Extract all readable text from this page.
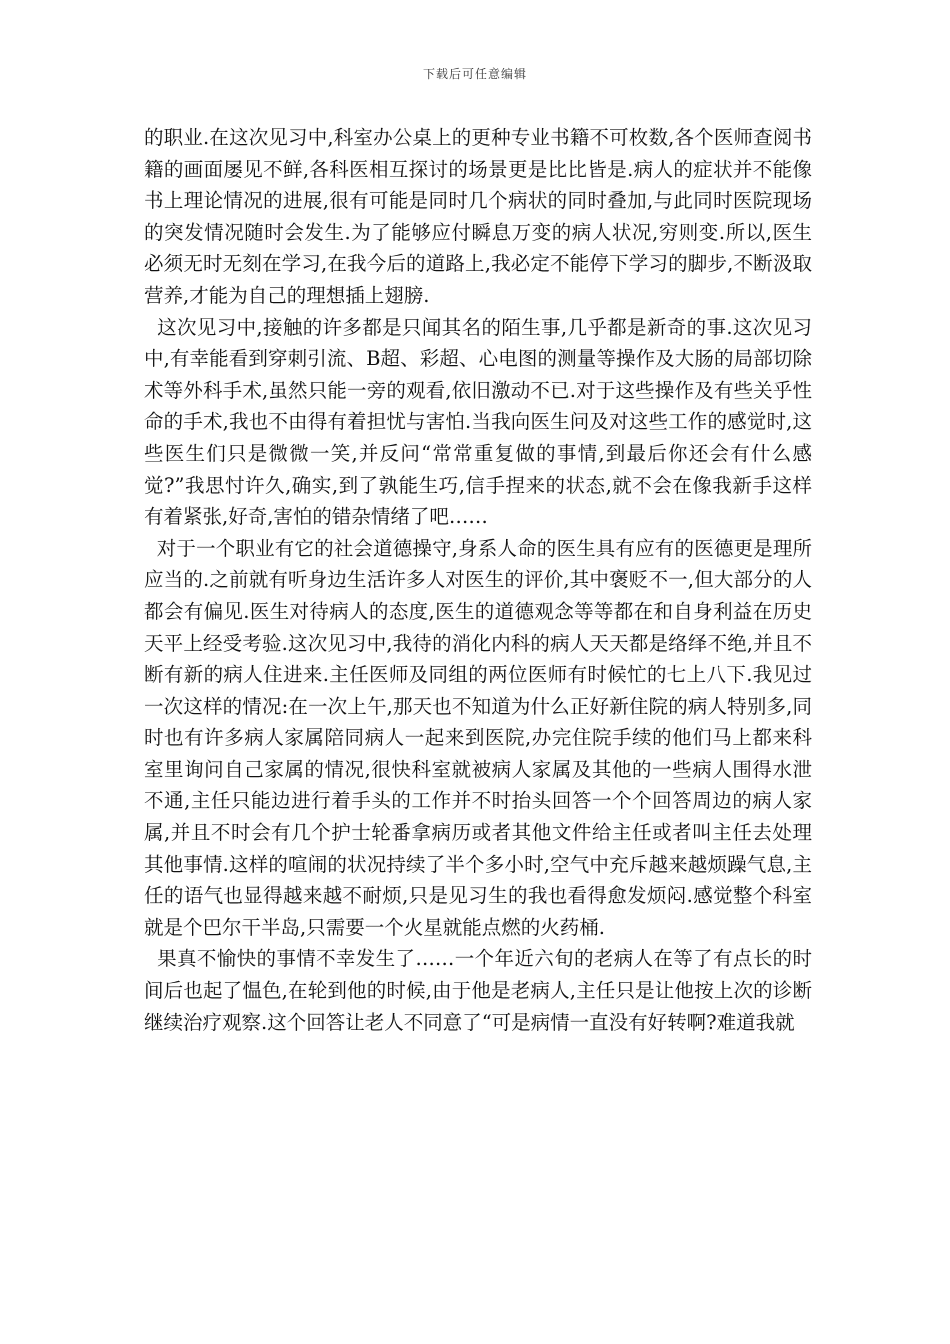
下载后可任意编辑

的职业.在这次见习中,科室办公桌上的更种专业书籍不可枚数,各个医师查阅书籍的画面屡见不鲜,各科医相互探讨的场景更是比比皆是.病人的症状并不能像书上理论情况的进展,很有可能是同时几个病状的同时叠加,与此同时医院现场的突发情况随时会发生.为了能够应付瞬息万变的病人状况,穷则变.所以,医生必须无时无刻在学习,在我今后的道路上,我必定不能停下学习的脚步,不断汲取营养,才能为自己的理想插上翅膀.

这次见习中,接触的许多都是只闻其名的陌生事,几乎都是新奇的事.这次见习中,有幸能看到穿刺引流、B超、彩超、心电图的测量等操作及大肠的局部切除术等外科手术,虽然只能一旁的观看,依旧激动不已.对于这些操作及有些关乎性命的手术,我也不由得有着担忧与害怕.当我向医生问及对这些工作的感觉时,这些医生们只是微微一笑,并反问“常常重复做的事情,到最后你还会有什么感觉?”我思忖许久,确实,到了孰能生巧,信手捏来的状态,就不会在像我新手这样有着紧张,好奇,害怕的错杂情绪了吧……

对于一个职业有它的社会道德操守,身系人命的医生具有应有的医德更是理所应当的.之前就有听身边生活许多人对医生的评价,其中褒贬不一,但大部分的人都会有偏见.医生对待病人的态度,医生的道德观念等等都在和自身利益在历史天平上经受考验.这次见习中,我待的消化内科的病人天天都是络绎不绝,并且不断有新的病人住进来.主任医师及同组的两位医师有时候忙的七上八下.我见过一次这样的情况:在一次上午,那天也不知道为什么正好新住院的病人特别多,同时也有许多病人家属陪同病人一起来到医院,办完住院手续的他们马上都来科室里询问自己家属的情况,很快科室就被病人家属及其他的一些病人围得水泄不通,主任只能边进行着手头的工作并不时抬头回答一个个回答周边的病人家属,并且不时会有几个护士轮番拿病历或者其他文件给主任或者叫主任去处理其他事情.这样的喧闹的状况持续了半个多小时,空气中充斥越来越烦躁气息,主任的语气也显得越来越不耐烦,只是见习生的我也看得愈发烦闷.感觉整个科室就是个巴尔干半岛,只需要一个火星就能点燃的火药桶.

果真不愉快的事情不幸发生了……一个年近六旬的老病人在等了有点长的时间后也起了愠色,在轮到他的时候,由于他是老病人,主任只是让他按上次的诊断继续治疗观察.这个回答让老人不同意了“可是病情一直没有好转啊?难道我就
